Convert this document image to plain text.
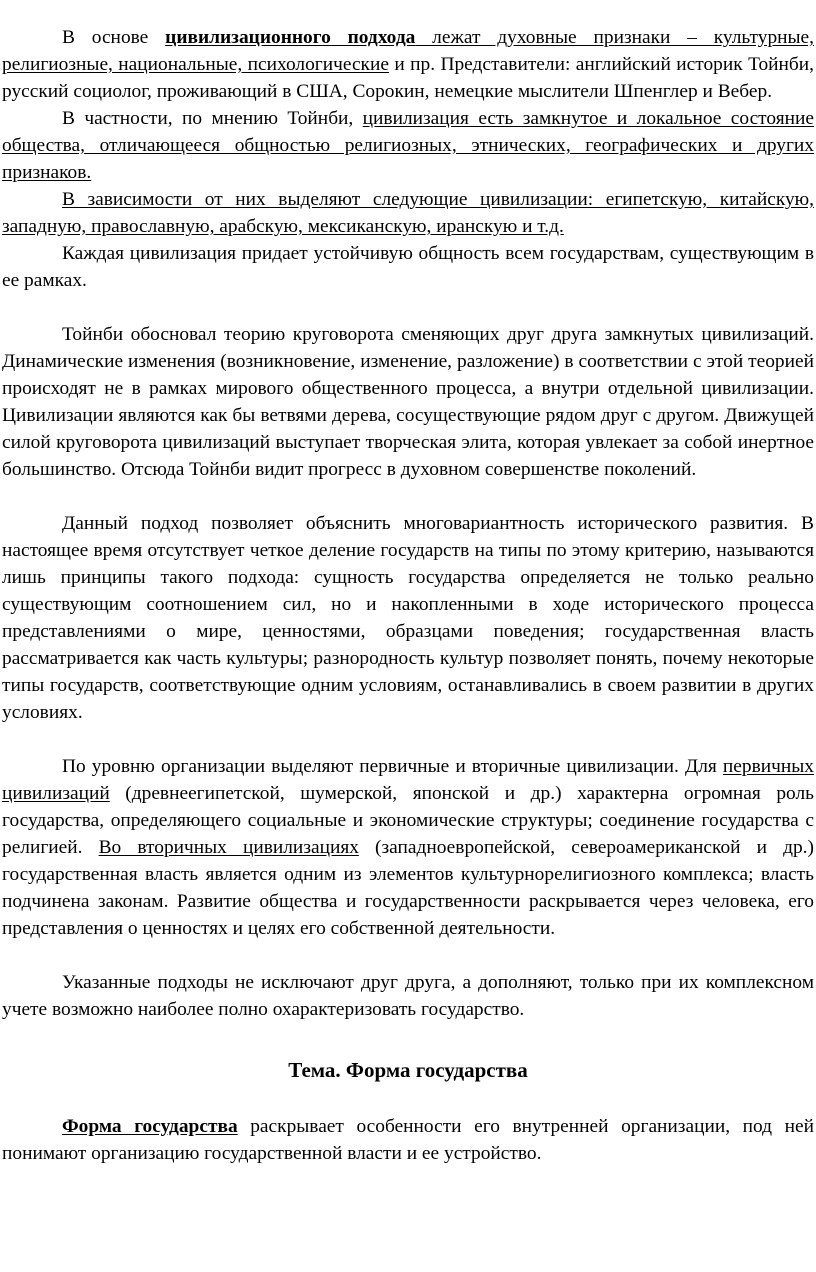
В основе цивилизационного подхода лежат духовные признаки – культурные, религиозные, национальные, психологические и пр. Представители: английский историк Тойнби, русский социолог, проживающий в США, Сорокин, немецкие мыслители Шпенглер и Вебер.

В частности, по мнению Тойнби, цивилизация есть замкнутое и локальное состояние общества, отличающееся общностью религиозных, этнических, географических и других признаков.

В зависимости от них выделяют следующие цивилизации: египетскую, китайскую, западную, православную, арабскую, мексиканскую, иранскую и т.д.

Каждая цивилизация придает устойчивую общность всем государствам, существующим в ее рамках.

Тойнби обосновал теорию круговорота сменяющих друг друга замкнутых цивилизаций. Динамические изменения (возникновение, изменение, разложение) в соответствии с этой теорией происходят не в рамках мирового общественного процесса, а внутри отдельной цивилизации. Цивилизации являются как бы ветвями дерева, сосуществующие рядом друг с другом. Движущей силой круговорота цивилизаций выступает творческая элита, которая увлекает за собой инертное большинство. Отсюда Тойнби видит прогресс в духовном совершенстве поколений.

Данный подход позволяет объяснить многовариантность исторического развития. В настоящее время отсутствует четкое деление государств на типы по этому критерию, называются лишь принципы такого подхода: сущность государства определяется не только реально существующим соотношением сил, но и накопленными в ходе исторического процесса представлениями о мире, ценностями, образцами поведения; государственная власть рассматривается как часть культуры; разнородность культур позволяет понять, почему некоторые типы государств, соответствующие одним условиям, останавливались в своем развитии в других условиях.

По уровню организации выделяют первичные и вторичные цивилизации. Для первичных цивилизаций (древнеегипетской, шумерской, японской и др.) характерна огромная роль государства, определяющего социальные и экономические структуры; соединение государства с религией. Во вторичных цивилизациях (западноевропейской, североамериканской и др.) государственная власть является одним из элементов культурнорелигиозного комплекса; власть подчинена законам. Развитие общества и государственности раскрывается через человека, его представления о ценностях и целях его собственной деятельности.

Указанные подходы не исключают друг друга, а дополняют, только при их комплексном учете возможно наиболее полно охарактеризовать государство.

Тема. Форма государства

Форма государства раскрывает особенности его внутренней организации, под ней понимают организацию государственной власти и ее устройство.
